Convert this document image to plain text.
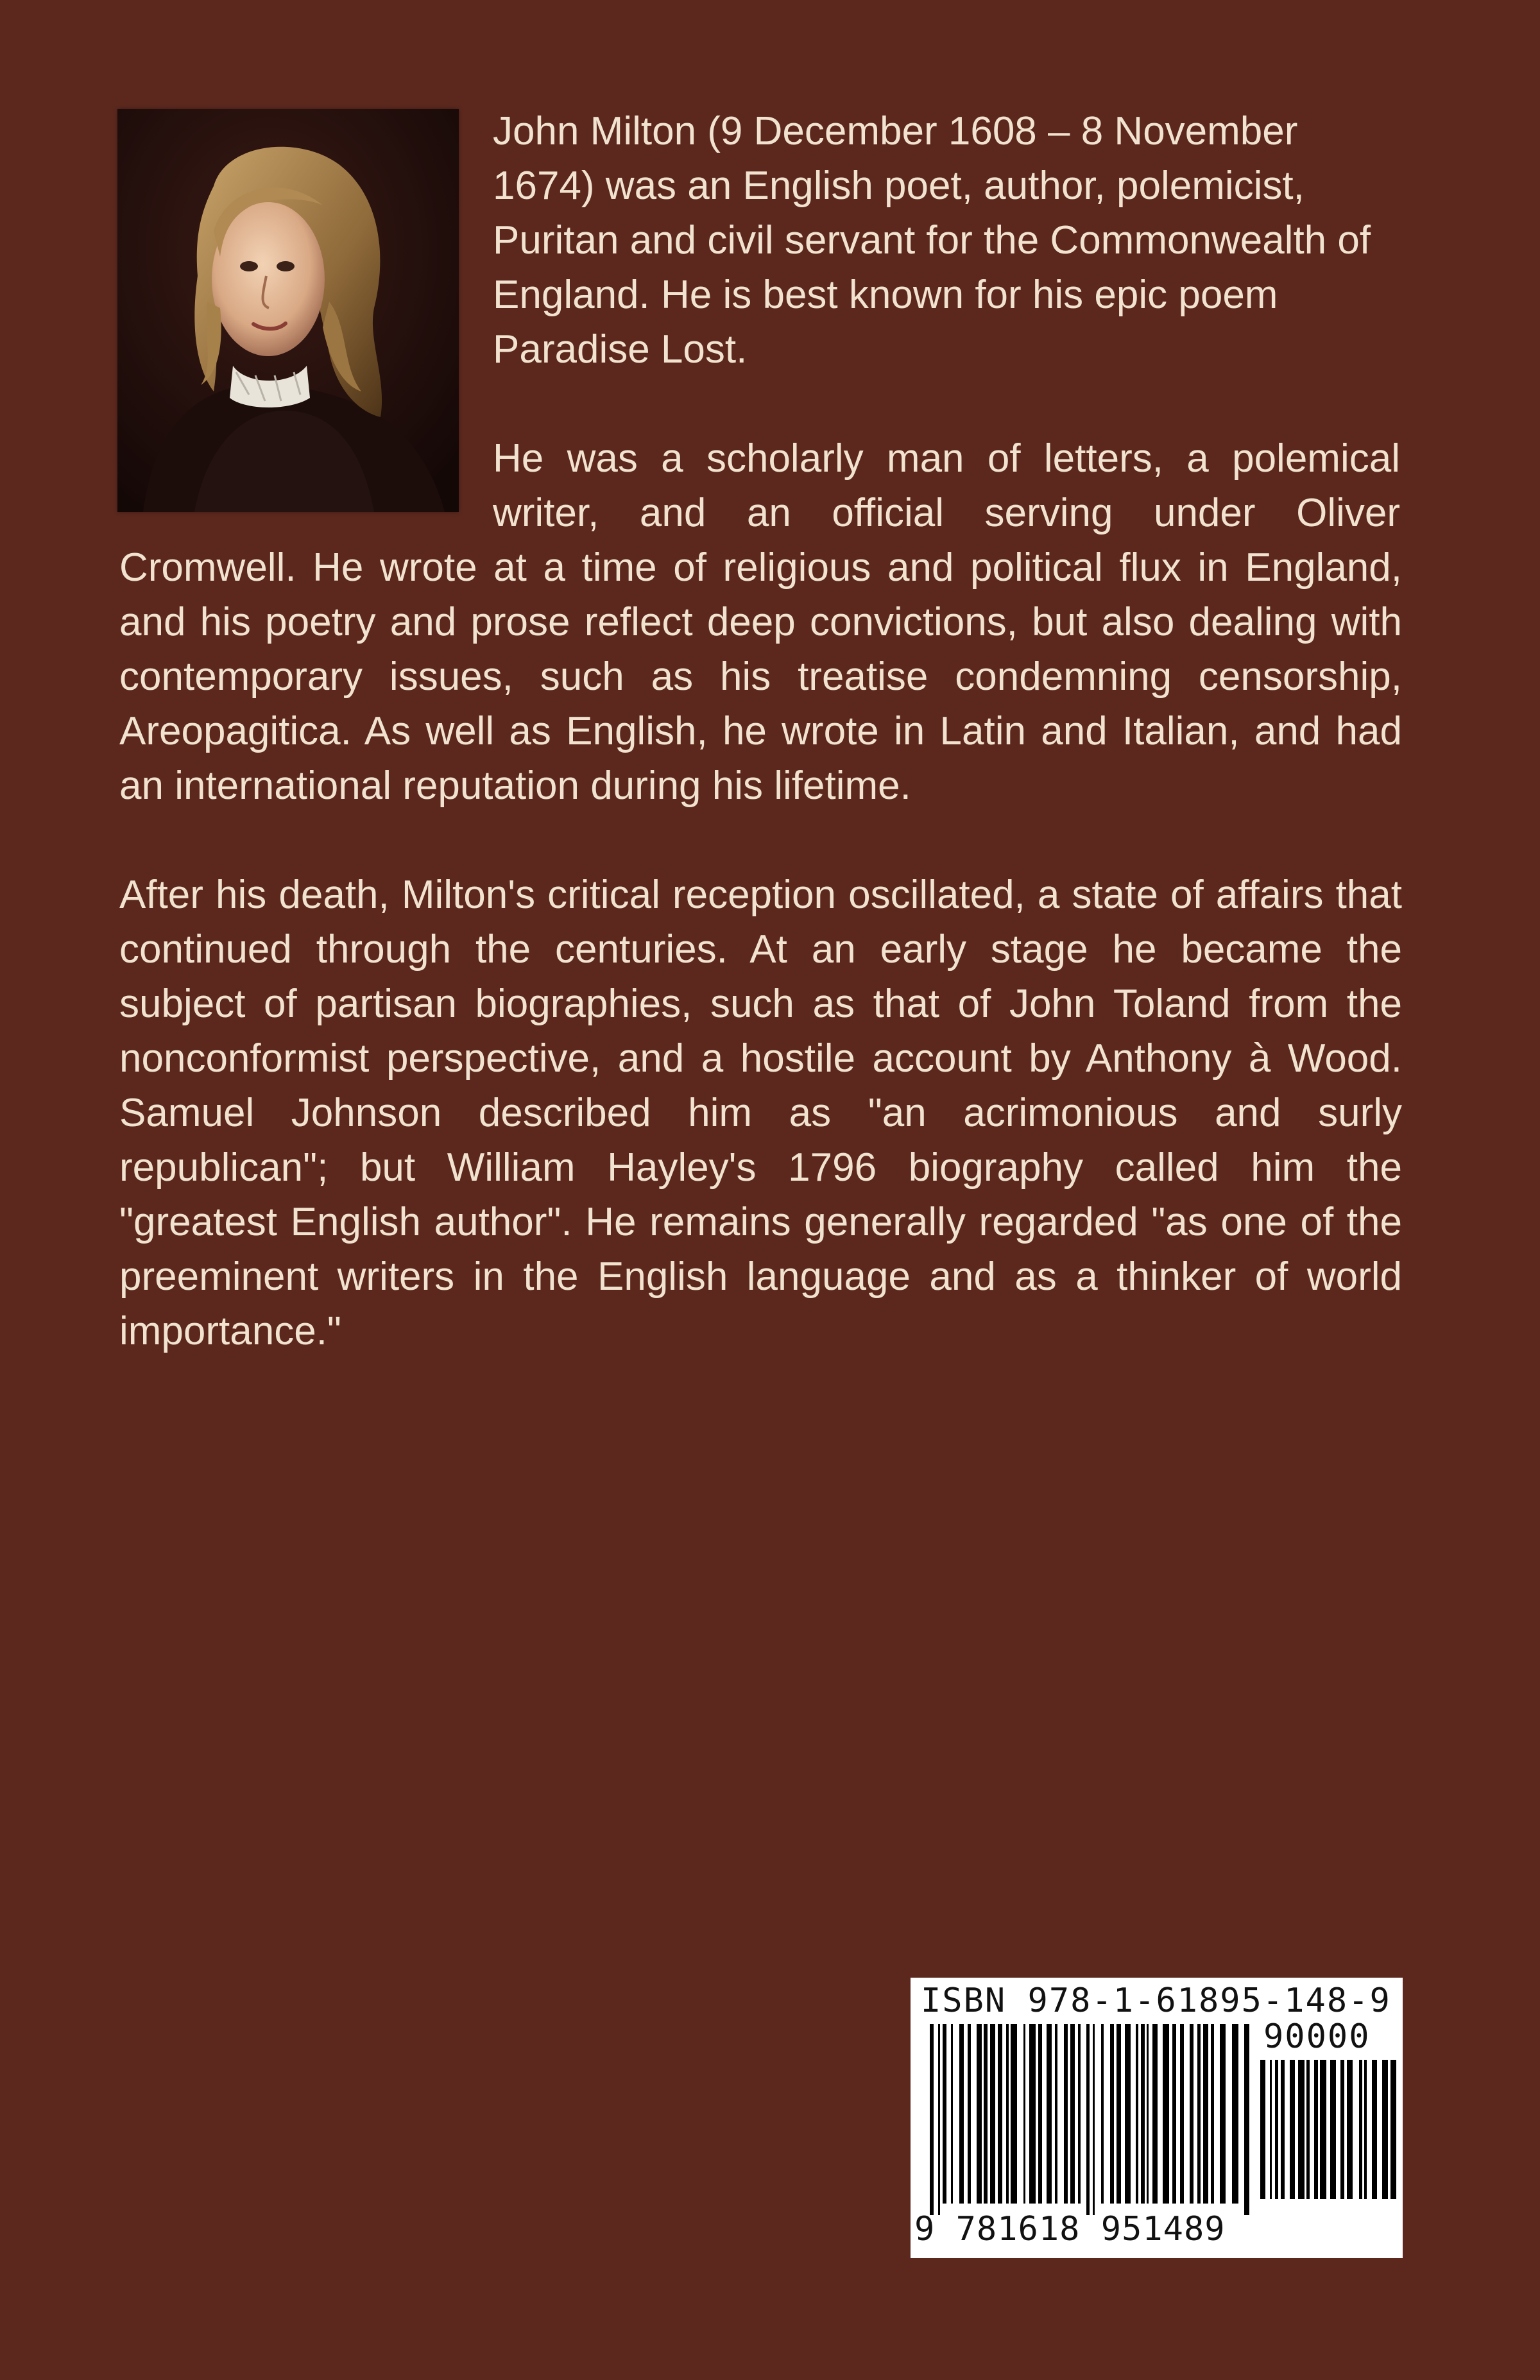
John Milton (9 December 1608 – 8 November 1674) was an English poet, author, polemicist, Puritan and civil servant for the Commonwealth of England. He is best known for his epic poem Paradise Lost.

He was a scholarly man of letters, a polemical writer, and an official serving under Oliver

Cromwell. He wrote at a time of religious and political flux in England, and his poetry and prose reflect deep convictions, but also dealing with contemporary issues, such as his treatise condemning censorship, Areopagitica. As well as English, he wrote in Latin and Italian, and had an international reputation during his lifetime.

After his death, Milton's critical reception oscillated, a state of affairs that continued through the centuries. At an early stage he became the subject of partisan biographies, such as that of John Toland from the nonconformist perspective, and a hostile account by Anthony à Wood. Samuel Johnson described him as "an acrimonious and surly republican"; but William Hayley's 1796 biography called him the "greatest English author". He remains generally regarded "as one of the preeminent writers in the English language and as a thinker of world importance."

ISBN 978-1-61895-148-9
90000
9 781618 951489
